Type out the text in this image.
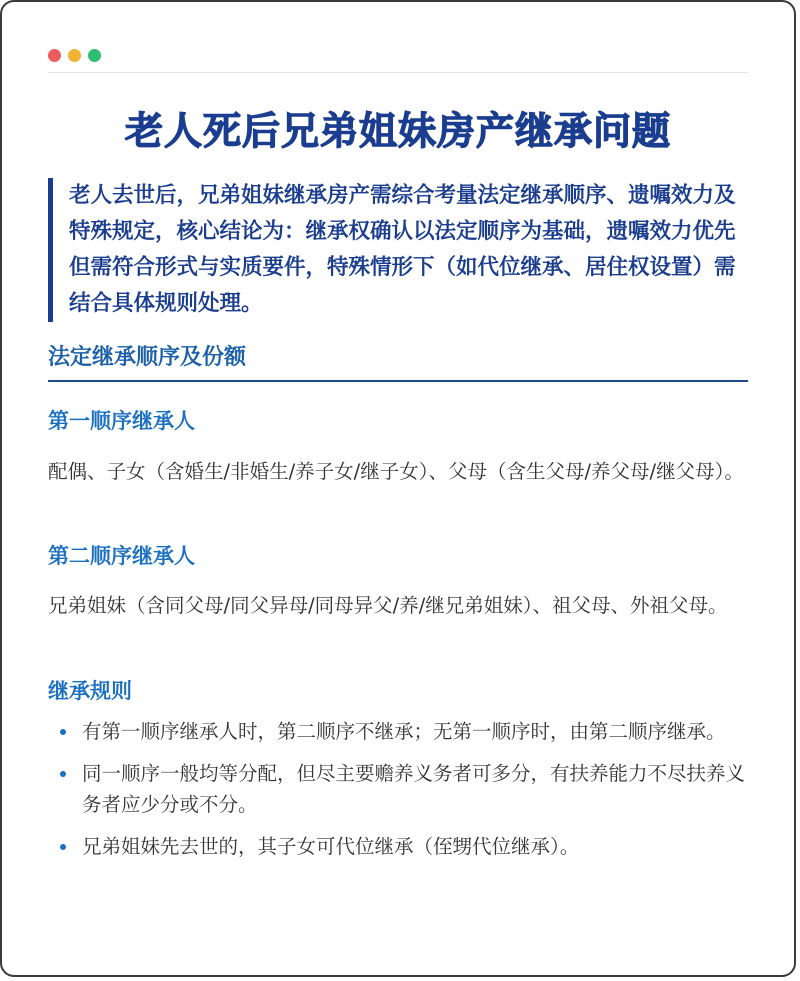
老人死后兄弟姐妹房产继承问题
老人去世后，兄弟姐妹继承房产需综合考量法定继承顺序、遗嘱效力及特殊规定，核心结论为：继承权确认以法定顺序为基础，遗嘱效力优先但需符合形式与实质要件，特殊情形下（如代位继承、居住权设置）需结合具体规则处理。
法定继承顺序及份额
第一顺序继承人
配偶、子女（含婚生/非婚生/养子女/继子女）、父母（含生父母/养父母/继父母）。
第二顺序继承人
兄弟姐妹（含同父母/同父异母/同母异父/养/继兄弟姐妹）、祖父母、外祖父母。
继承规则
有第一顺序继承人时，第二顺序不继承；无第一顺序时，由第二顺序继承。
同一顺序一般均等分配，但尽主要赡养义务者可多分，有扶养能力不尽扶养义务者应少分或不分。
兄弟姐妹先去世的，其子女可代位继承（侄甥代位继承）。
